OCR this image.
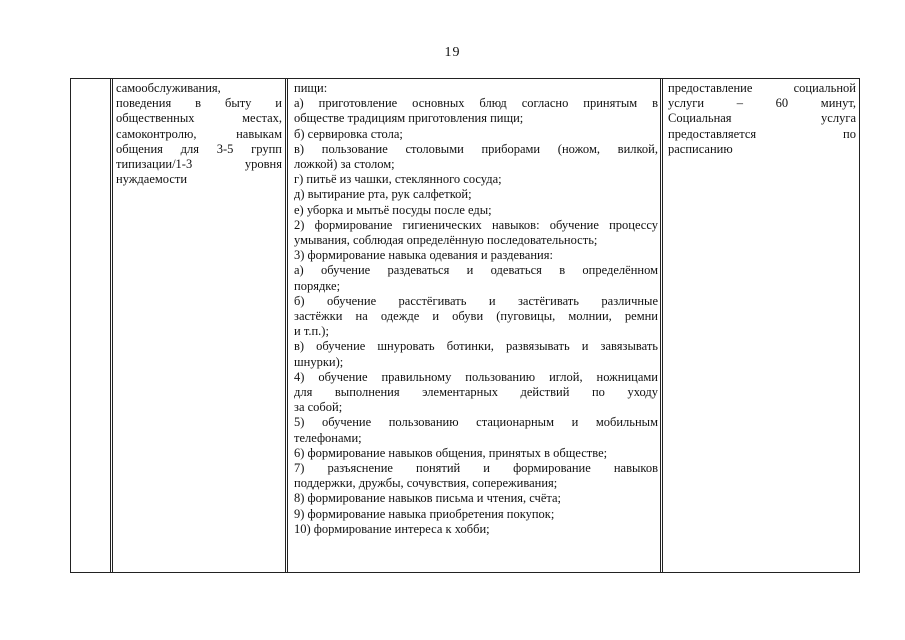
19
самообслуживания,
поведения в быту и
общественных местах,
самоконтролю, навыкам
общения для 3-5 групп
типизации/1-3 уровня
нуждаемости
пищи:
а) приготовление основных блюд согласно принятым в
обществе традициям приготовления пищи;
б) сервировка стола;
в) пользование столовыми приборами (ножом, вилкой,
ложкой) за столом;
г) питьё из чашки, стеклянного сосуда;
д) вытирание рта, рук салфеткой;
е) уборка и мытьё посуды после еды;
2) формирование гигиенических навыков: обучение процессу
умывания, соблюдая определённую последовательность;
3) формирование навыка одевания и раздевания:
а) обучение раздеваться и одеваться в определённом
порядке;
б) обучение расстёгивать и застёгивать различные
застёжки на одежде и обуви (пуговицы, молнии, ремни
и т.п.);
в) обучение шнуровать ботинки, развязывать и завязывать
шнурки);
4) обучение правильному пользованию иглой, ножницами
для выполнения элементарных действий по уходу
за собой;
5) обучение пользованию стационарным и мобильным
телефонами;
6) формирование навыков общения, принятых в обществе;
7) разъяснение понятий и формирование навыков
поддержки, дружбы, сочувствия, сопереживания;
8) формирование навыков письма и чтения, счёта;
9) формирование навыка приобретения покупок;
10) формирование интереса к хобби;
предоставление социальной
услуги – 60 минут,
Социальная услуга
предоставляется по
расписанию
